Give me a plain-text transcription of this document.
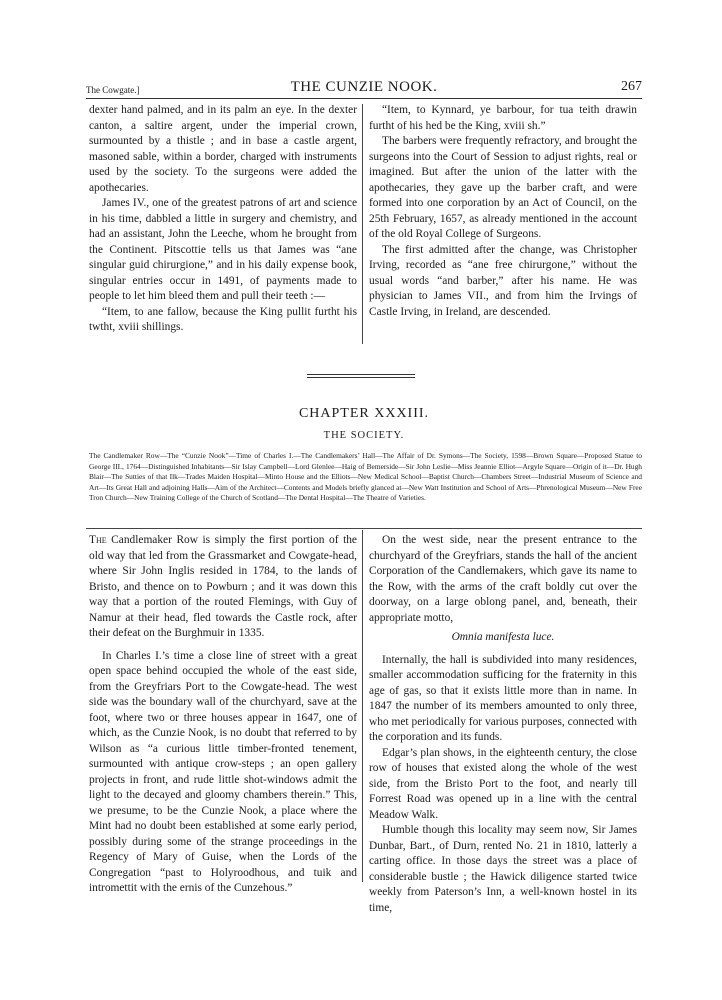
The Cowgate.]	THE CUNZIE NOOK.	267

dexter hand palmed, and in its palm an eye. In the dexter canton, a saltire argent, under the imperial crown, surmounted by a thistle ; and in base a castle argent, masoned sable, within a border, charged with instruments used by the society. To the surgeons were added the apothecaries.

James IV., one of the greatest patrons of art and science in his time, dabbled a little in surgery and chemistry, and had an assistant, John the Leeche, whom he brought from the Continent. Pitscottie tells us that James was “ane singular guid chirurgione,” and in his daily expense book, singular entries occur in 1491, of payments made to people to let him bleed them and pull their teeth :—

“Item, to ane fallow, because the King pullit furtht his twtht, xviii shillings.

“Item, to Kynnard, ye barbour, for tua teith drawin furtht of his hed be the King, xviii sh.”

The barbers were frequently refractory, and brought the surgeons into the Court of Session to adjust rights, real or imagined. But after the union of the latter with the apothecaries, they gave up the barber craft, and were formed into one corporation by an Act of Council, on the 25th February, 1657, as already mentioned in the account of the old Royal College of Surgeons.

The first admitted after the change, was Christopher Irving, recorded as “ane free chirurgone,” without the usual words “and barber,” after his name. He was physician to James VII., and from him the Irvings of Castle Irving, in Ireland, are descended.

CHAPTER XXXIII.
THE SOCIETY.
The Candlemaker Row—The “Cunzie Nook”—Time of Charles I.—The Candlemakers’ Hall—The Affair of Dr. Symons—The Society, 1598—Brown Square—Proposed Statue to George III., 1764—Distinguished Inhabitants—Sir Islay Campbell—Lord Glenlee—Haig of Bemerside—Sir John Leslie—Miss Jeannie Elliot—Argyle Square—Origin of it—Dr. Hugh Blair—The Sutties of that Ilk—Trades Maiden Hospital—Minto House and the Elliots—New Medical School—Baptist Church—Chambers Street—Industrial Museum of Science and Art—Its Great Hall and adjoining Halls—Aim of the Architect—Contents and Models briefly glanced at—New Watt Institution and School of Arts—Phrenological Museum—New Free Tron Church—New Training College of the Church of Scotland—The Dental Hospital—The Theatre of Varieties.

The Candlemaker Row is simply the first portion of the old way that led from the Grassmarket and Cowgate-head, where Sir John Inglis resided in 1784, to the lands of Bristo, and thence on to Powburn ; and it was down this way that a portion of the routed Flemings, with Guy of Namur at their head, fled towards the Castle rock, after their defeat on the Burghmuir in 1335.

In Charles I.’s time a close line of street with a great open space behind occupied the whole of the east side, from the Greyfriars Port to the Cowgate-head. The west side was the boundary wall of the churchyard, save at the foot, where two or three houses appear in 1647, one of which, as the Cunzie Nook, is no doubt that referred to by Wilson as “a curious little timber-fronted tenement, surmounted with antique crow-steps ; an open gallery projects in front, and rude little shot-windows admit the light to the decayed and gloomy chambers therein.” This, we presume, to be the Cunzie Nook, a place where the Mint had no doubt been established at some early period, possibly during some of the strange proceedings in the Regency of Mary of Guise, when the Lords of the Congregation “past to Holyroodhous, and tuik and intromettit with the ernis of the Cunzehous.”

On the west side, near the present entrance to the churchyard of the Greyfriars, stands the hall of the ancient Corporation of the Candlemakers, which gave its name to the Row, with the arms of the craft boldly cut over the doorway, on a large oblong panel, and, beneath, their appropriate motto,

Omnia manifesta luce.

Internally, the hall is subdivided into many residences, smaller accommodation sufficing for the fraternity in this age of gas, so that it exists little more than in name. In 1847 the number of its members amounted to only three, who met periodically for various purposes, connected with the corporation and its funds.

Edgar’s plan shows, in the eighteenth century, the close row of houses that existed along the whole of the west side, from the Bristo Port to the foot, and nearly till Forrest Road was opened up in a line with the central Meadow Walk.

Humble though this locality may seem now, Sir James Dunbar, Bart., of Durn, rented No. 21 in 1810, latterly a carting office. In those days the street was a place of considerable bustle ; the Hawick diligence started twice weekly from Paterson’s Inn, a well-known hostel in its time,
